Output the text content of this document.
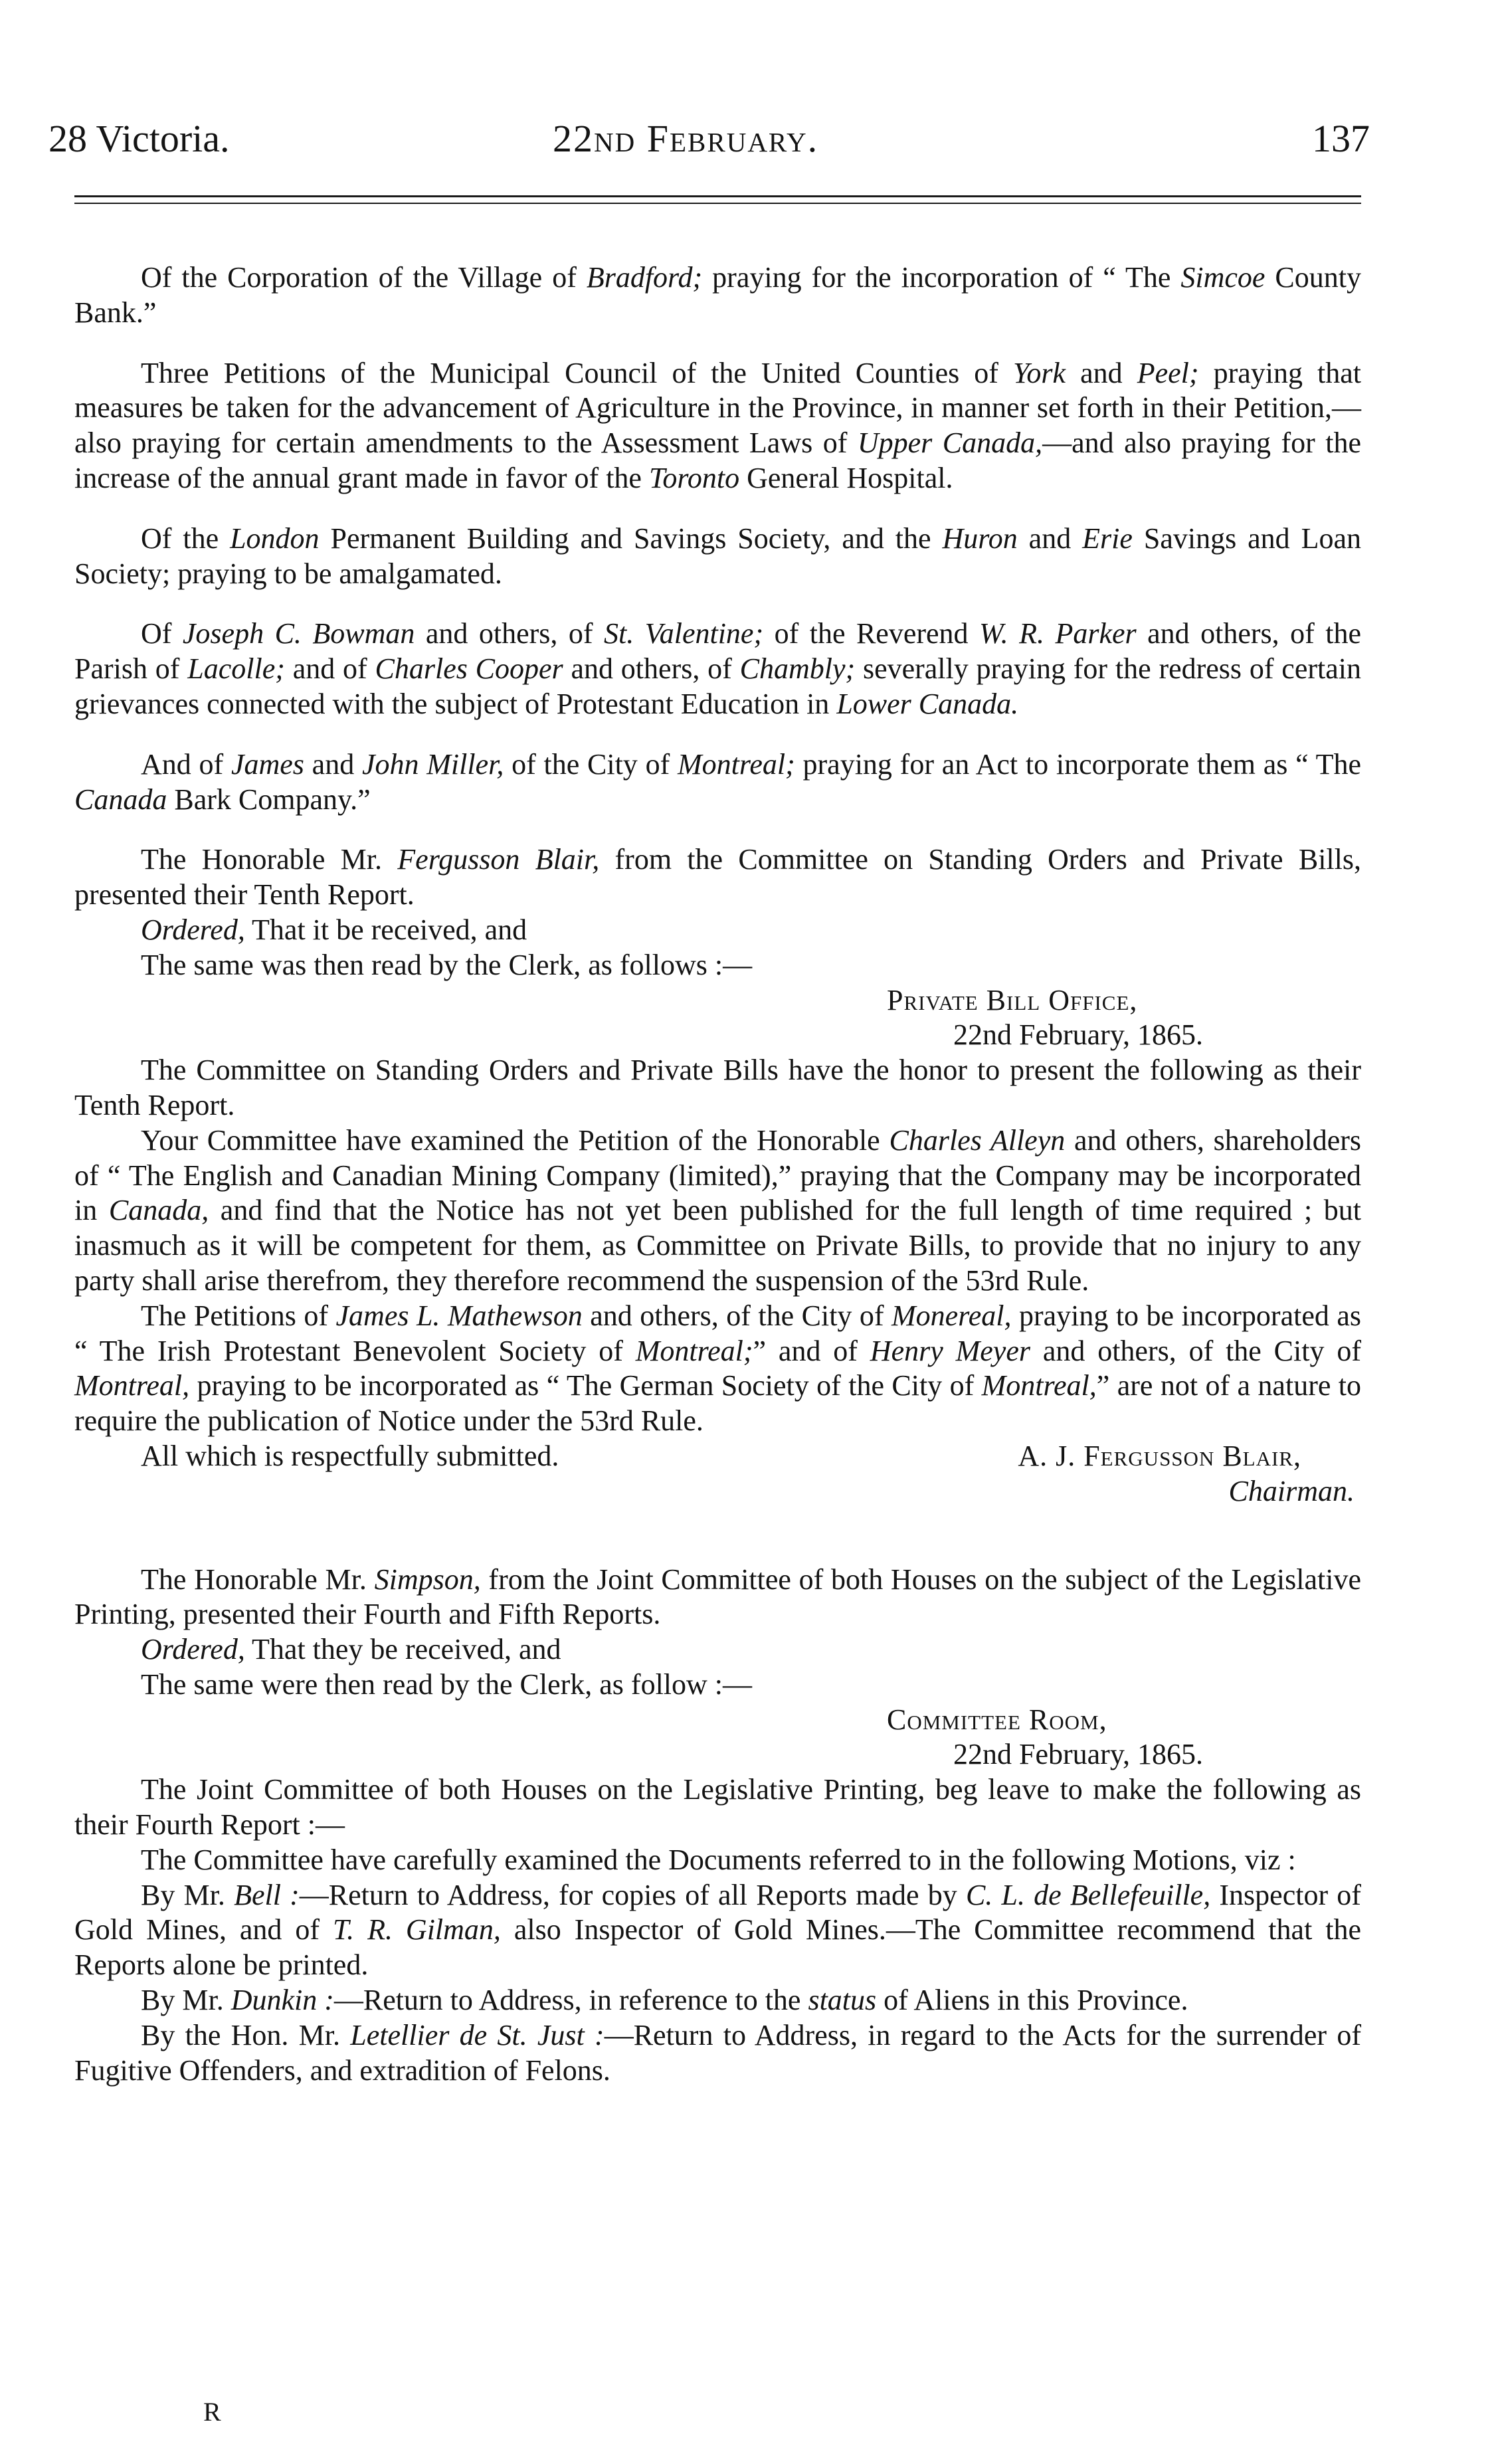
28 Victoria.	22nd February.	137

Of the Corporation of the Village of Bradford; praying for the incorporation of “ The Simcoe County Bank.”

Three Petitions of the Municipal Council of the United Counties of York and Peel; praying that measures be taken for the advancement of Agriculture in the Province, in manner set forth in their Petition,—also praying for certain amendments to the Assessment Laws of Upper Canada,—and also praying for the increase of the annual grant made in favor of the Toronto General Hospital.

Of the London Permanent Building and Savings Society, and the Huron and Erie Savings and Loan Society; praying to be amalgamated.

Of Joseph C. Bowman and others, of St. Valentine; of the Reverend W. R. Parker and others, of the Parish of Lacolle; and of Charles Cooper and others, of Chambly; severally praying for the redress of certain grievances connected with the subject of Protestant Education in Lower Canada.

And of James and John Miller, of the City of Montreal; praying for an Act to incorporate them as “ The Canada Bark Company.”

The Honorable Mr. Fergusson Blair, from the Committee on Standing Orders and Private Bills, presented their Tenth Report.

Ordered, That it be received, and

The same was then read by the Clerk, as follows :—

Private Bill Office,

22nd February, 1865.

The Committee on Standing Orders and Private Bills have the honor to present the following as their Tenth Report.

Your Committee have examined the Petition of the Honorable Charles Alleyn and others, shareholders of “ The English and Canadian Mining Company (limited),” praying that the Company may be incorporated in Canada, and find that the Notice has not yet been published for the full length of time required ; but inasmuch as it will be competent for them, as Committee on Private Bills, to provide that no injury to any party shall arise therefrom, they therefore recommend the suspension of the 53rd Rule.

The Petitions of James L. Mathewson and others, of the City of Monereal, praying to be incorporated as “ The Irish Protestant Benevolent Society of Montreal;” and of Henry Meyer and others, of the City of Montreal, praying to be incorporated as “ The German Society of the City of Montreal,” are not of a nature to require the publication of Notice under the 53rd Rule.

All which is respectfully submitted.	A. J. Fergusson Blair,

Chairman.

The Honorable Mr. Simpson, from the Joint Committee of both Houses on the subject of the Legislative Printing, presented their Fourth and Fifth Reports.

Ordered, That they be received, and

The same were then read by the Clerk, as follow :—

Committee Room,

22nd February, 1865.

The Joint Committee of both Houses on the Legislative Printing, beg leave to make the following as their Fourth Report :—

The Committee have carefully examined the Documents referred to in the following Motions, viz :

By Mr. Bell :—Return to Address, for copies of all Reports made by C. L. de Bellefeuille, Inspector of Gold Mines, and of T. R. Gilman, also Inspector of Gold Mines.—The Committee recommend that the Reports alone be printed.

By Mr. Dunkin :—Return to Address, in reference to the status of Aliens in this Province.

By the Hon. Mr. Letellier de St. Just :—Return to Address, in regard to the Acts for the surrender of Fugitive Offenders, and extradition of Felons.

R
